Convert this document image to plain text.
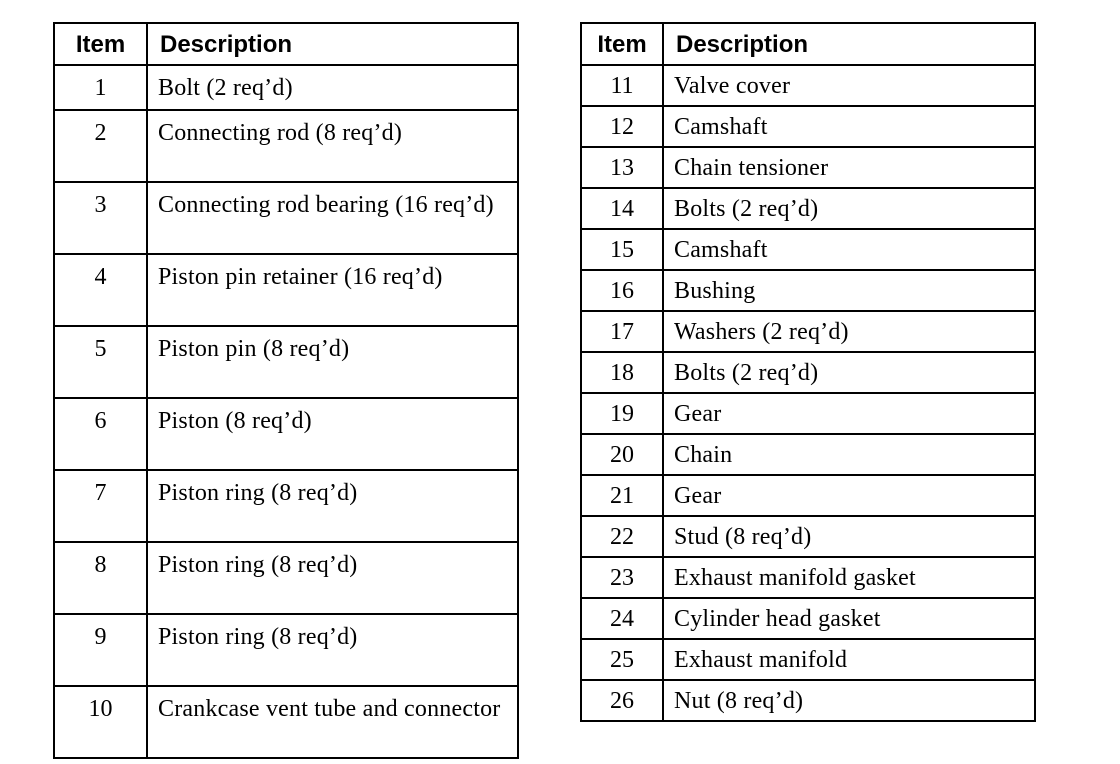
Item	Description
1	Bolt (2 req’d)
2	Connecting rod (8 req’d)
3	Connecting rod bearing (16 req’d)
4	Piston pin retainer (16 req’d)
5	Piston pin (8 req’d)
6	Piston (8 req’d)
7	Piston ring (8 req’d)
8	Piston ring (8 req’d)
9	Piston ring (8 req’d)
10	Crankcase vent tube and connector
Item	Description
11	Valve cover
12	Camshaft
13	Chain tensioner
14	Bolts (2 req’d)
15	Camshaft
16	Bushing
17	Washers (2 req’d)
18	Bolts (2 req’d)
19	Gear
20	Chain
21	Gear
22	Stud (8 req’d)
23	Exhaust manifold gasket
24	Cylinder head gasket
25	Exhaust manifold
26	Nut (8 req’d)
